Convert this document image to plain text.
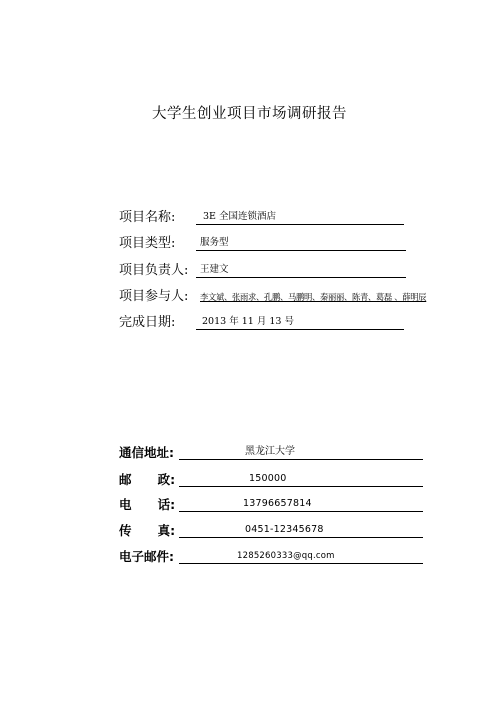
大学生创业项目市场调研报告
项目名称:	3E 全国连锁酒店
项目类型:	服务型
项目负责人: 王建文
项目参与人: 李文斌、张雨求、孔鹏、马鹏明、秦丽丽、陈青、葛磊 、薛明辰
完成日期:	2013 年 11 月 13 号
通信地址:	黑龙江大学
邮      政:	150000
电      话:	13796657814
传      真:	0451-12345678
电子邮件:	1285260333@qq.com
